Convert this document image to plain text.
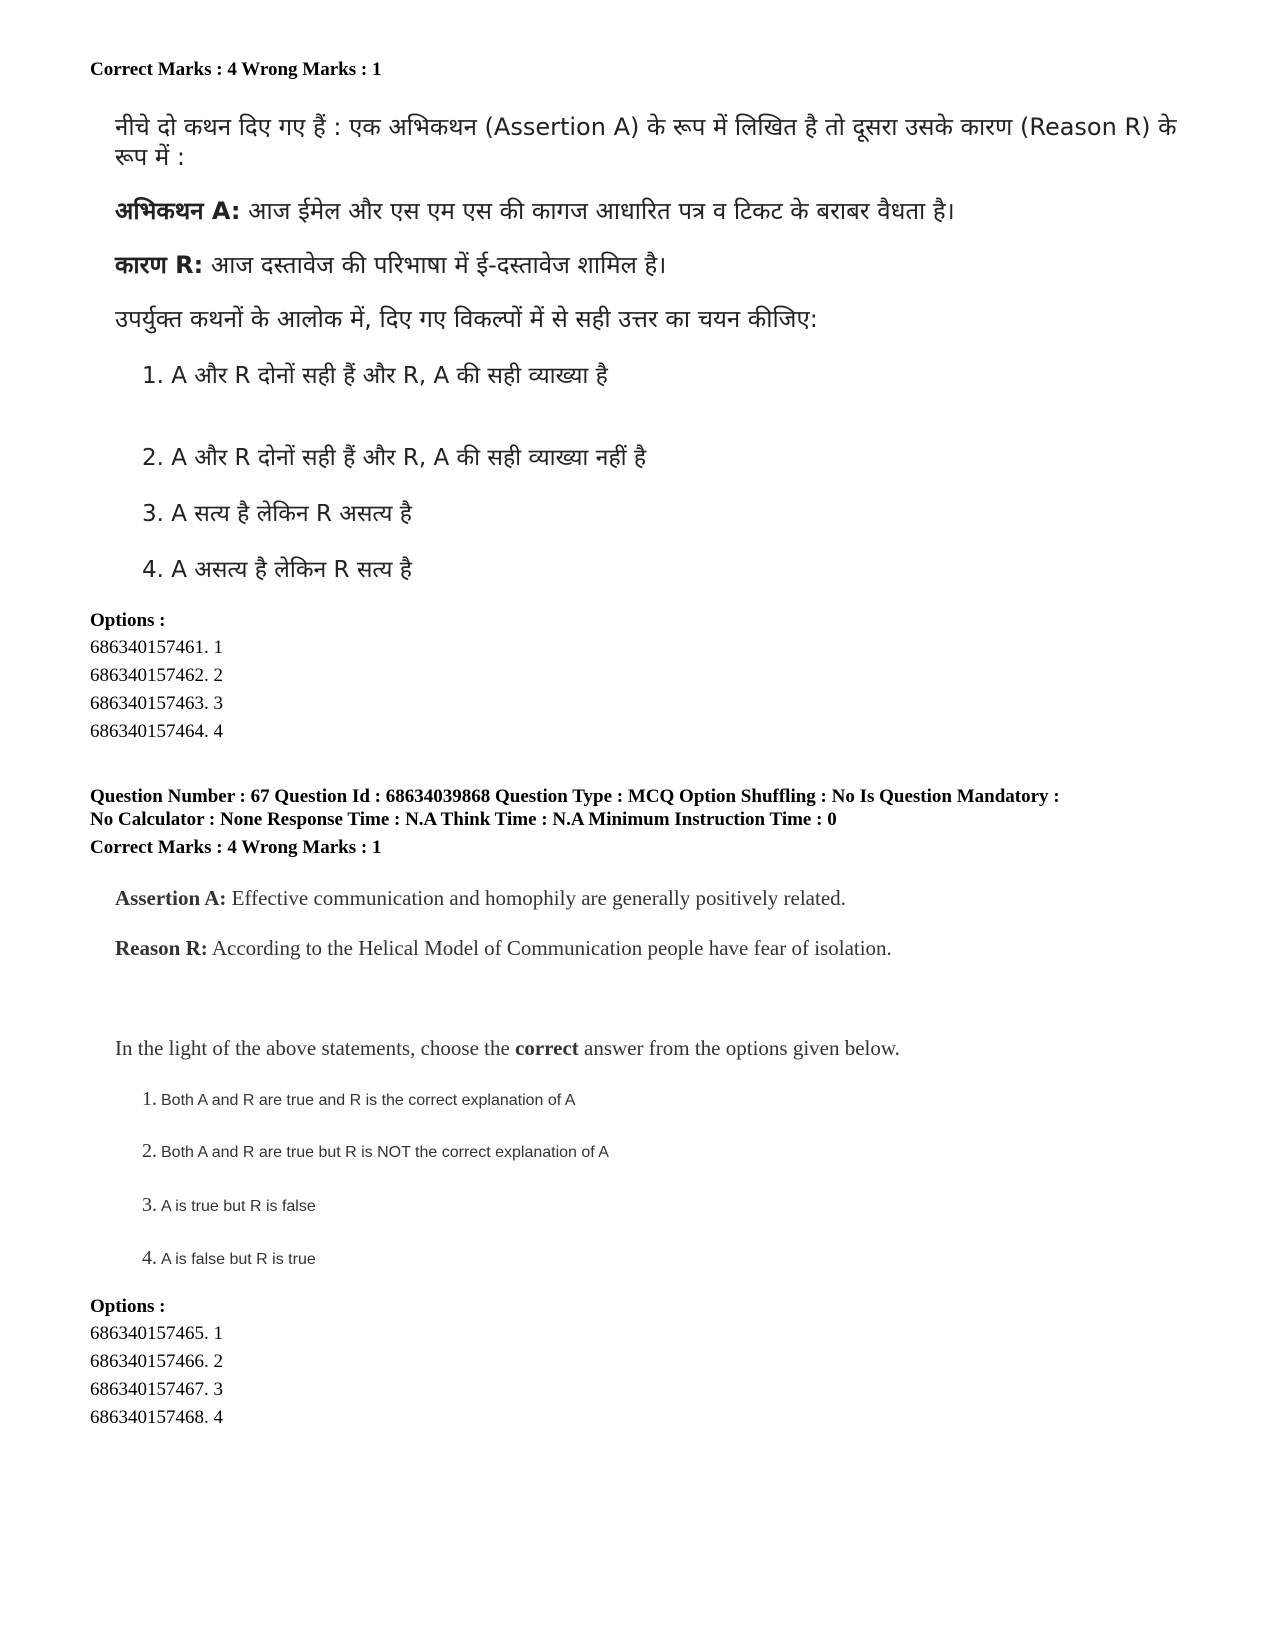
Correct Marks : 4 Wrong Marks : 1
नीचे दो कथन दिए गए हैं : एक अभिकथन (Assertion A) के रूप में लिखित है तो दूसरा उसके कारण (Reason R) के
रूप में :
अभिकथन A: आज ईमेल और एस एम एस की कागज आधारित पत्र व टिकट के बराबर वैधता है।
कारण R: आज दस्तावेज की परिभाषा में ई-दस्तावेज शामिल है।
उपर्युक्त कथनों के आलोक में, दिए गए विकल्पों में से सही उत्तर का चयन कीजिए:
1. A और R दोनों सही हैं और R, A की सही व्याख्या है
2. A और R दोनों सही हैं और R, A की सही व्याख्या नहीं है
3. A सत्य है लेकिन R असत्य है
4. A असत्य है लेकिन R सत्य है
Options :
686340157461. 1
686340157462. 2
686340157463. 3
686340157464. 4
Question Number : 67 Question Id : 68634039868 Question Type : MCQ Option Shuffling : No Is Question Mandatory :
No Calculator : None Response Time : N.A Think Time : N.A Minimum Instruction Time : 0
Correct Marks : 4 Wrong Marks : 1
Assertion A: Effective communication and homophily are generally positively related.
Reason R: According to the Helical Model of Communication people have fear of isolation.
In the light of the above statements, choose the correct answer from the options given below.
1. Both A and R are true and R is the correct explanation of A
2. Both A and R are true but R is NOT the correct explanation of A
3. A is true but R is false
4. A is false but R is true
Options :
686340157465. 1
686340157466. 2
686340157467. 3
686340157468. 4
